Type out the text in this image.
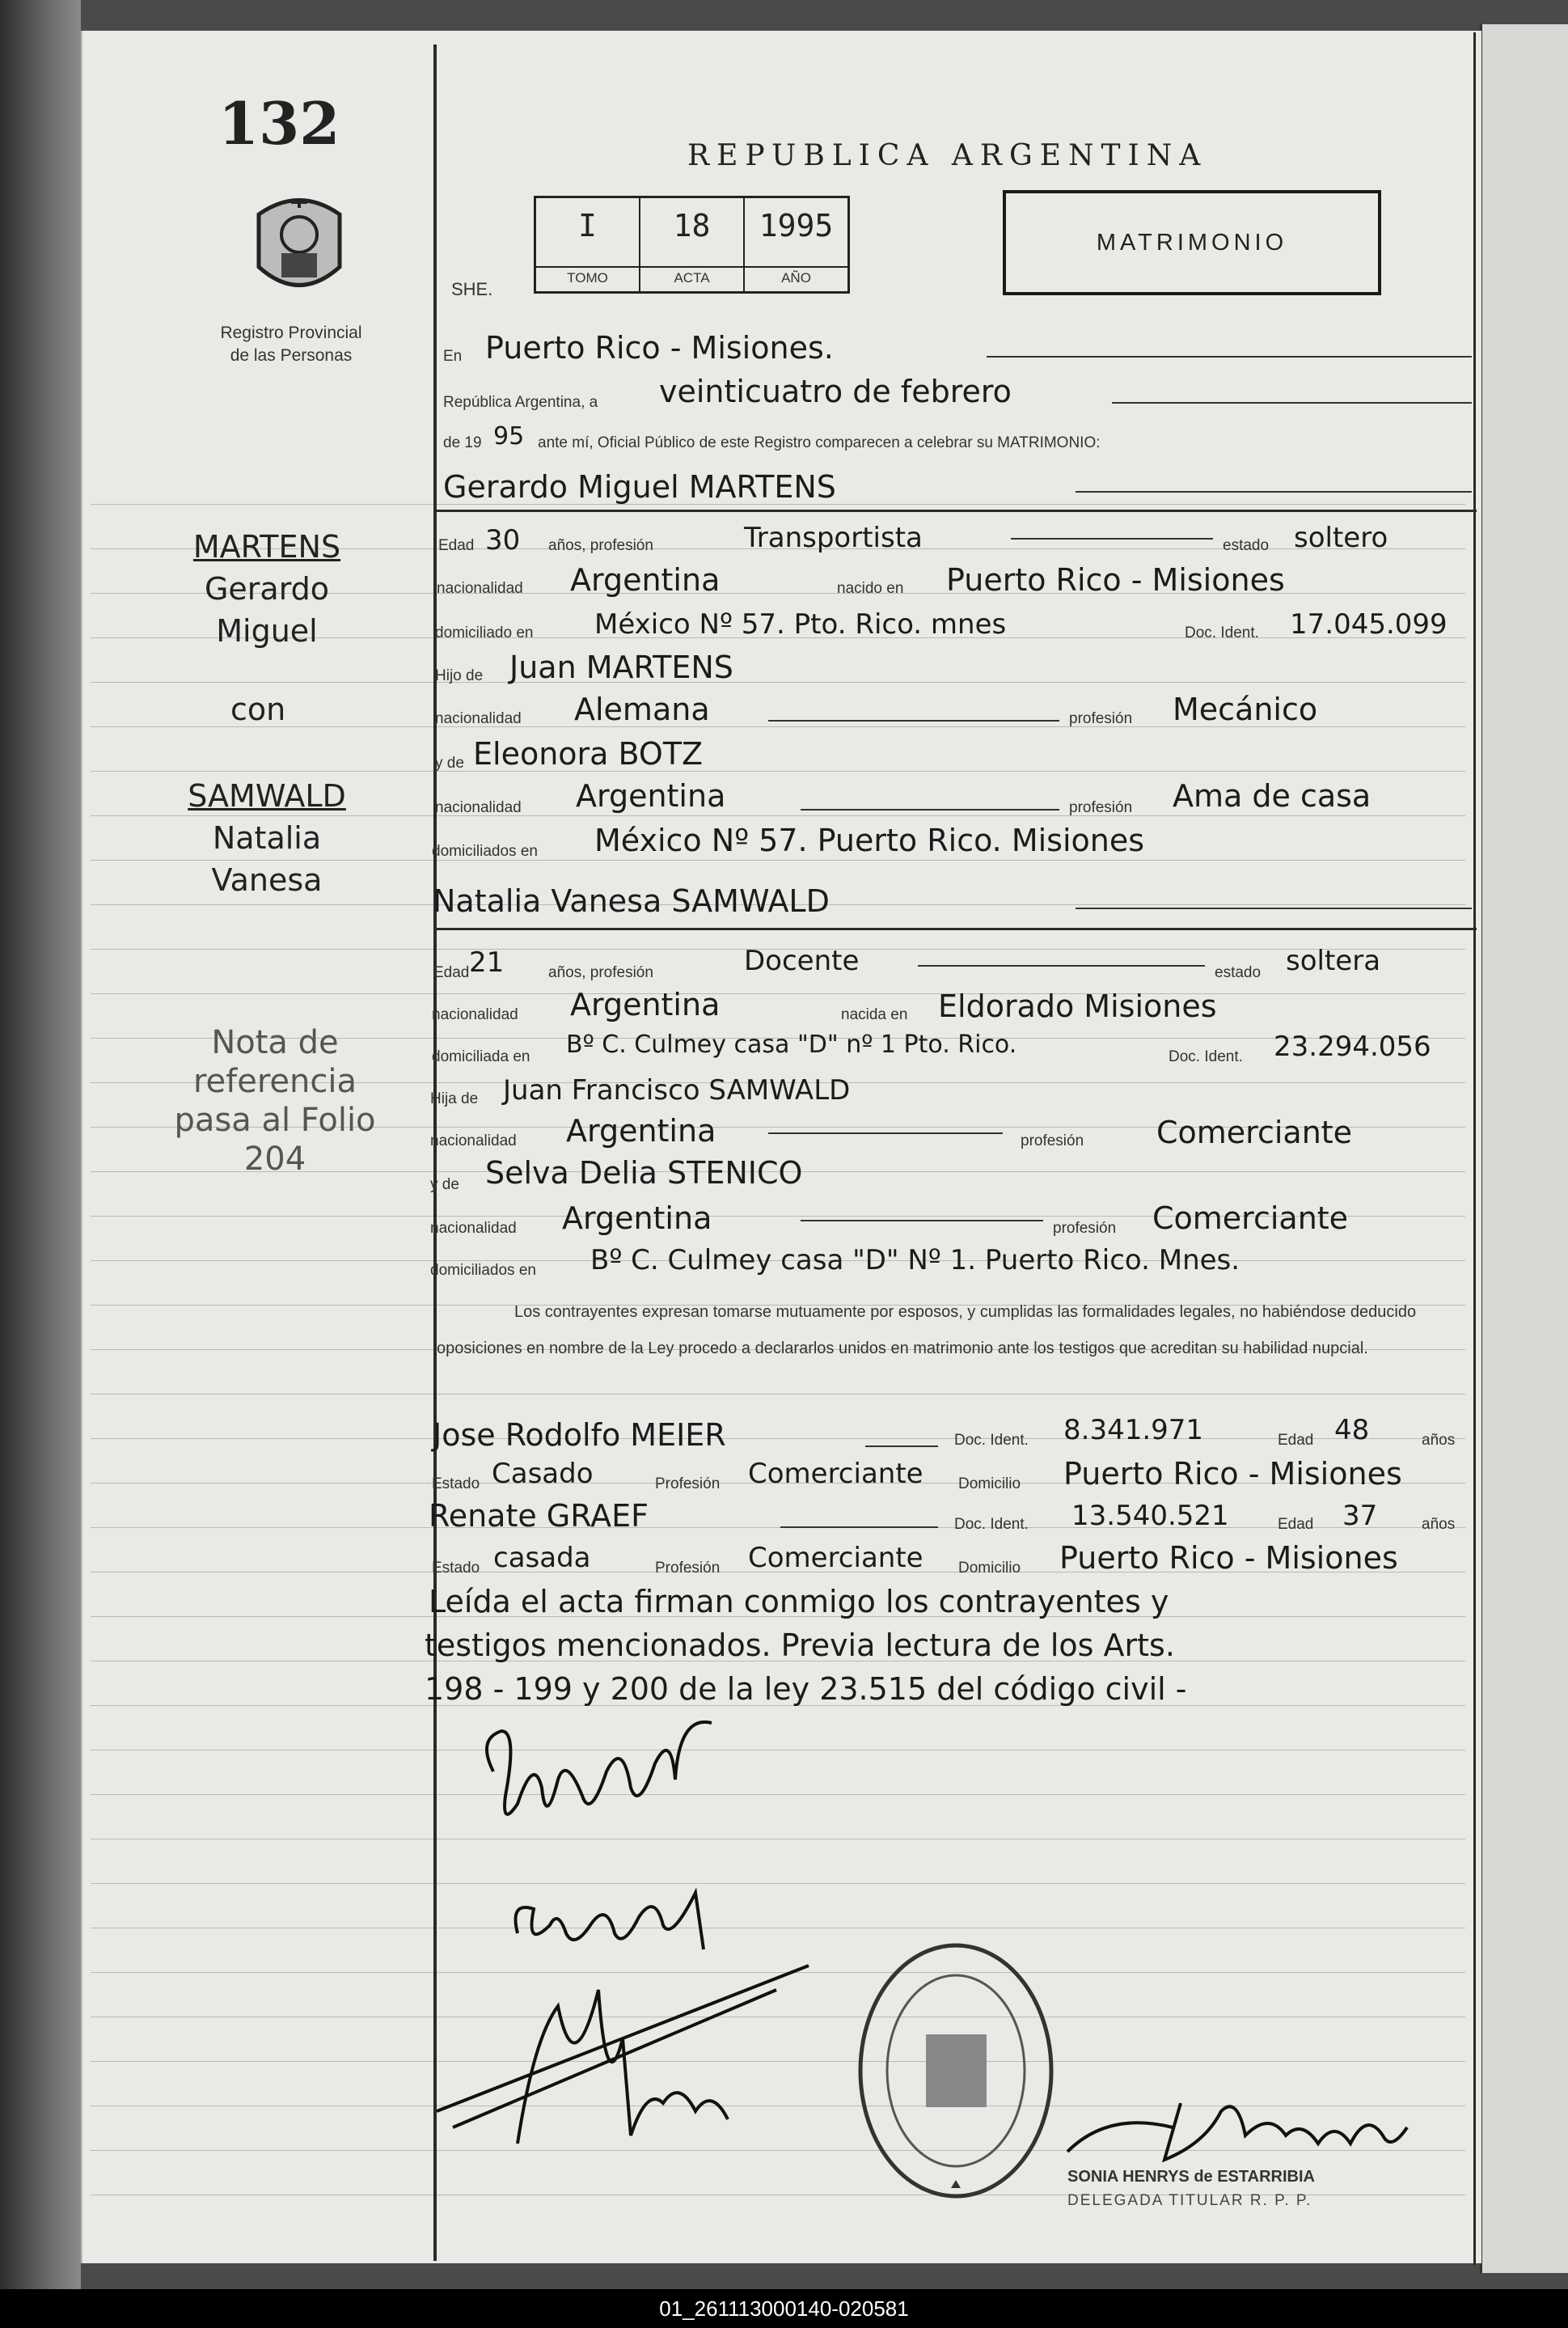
132
Registro Provincial
de las Personas
REPUBLICA ARGENTINA
SHE.
I
TOMO
18
ACTA
1995
AÑO
MATRIMONIO
En Puerto Rico - Misiones.
República Argentina, a veinticuatro de febrero
de 19 95 ante mí, Oficial Público de este Registro comparecen a celebrar su MATRIMONIO:
Gerardo Miguel MARTENS
Edad 30 años, profesión	Transportista	estado soltero
nacionalidad Argentina	nacido en Puerto Rico - Misiones
domiciliado en México Nº 57. Pto. Rico. mnes	Doc. Ident. 17.045.099
Hijo de Juan MARTENS
nacionalidad Alemana	profesión Mecánico
y de Eleonora BOTZ
nacionalidad Argentina	profesión Ama de casa
domiciliados en México Nº 57. Puerto Rico. Misiones
Natalia Vanesa SAMWALD
Edad 21	años, profesión	Docente	estado soltera
nacionalidad Argentina	nacida en Eldorado Misiones
domiciliada en Bº C. Culmey casa "D" nº 1 Pto. Rico.	Doc. Ident. 23.294.056
Hija de Juan Francisco SAMWALD
nacionalidad Argentina	profesión Comerciante
y de Selva Delia STENICO
nacionalidad Argentina	profesión Comerciante
domiciliados en Bº C. Culmey casa "D" Nº 1. Puerto Rico. Mnes.
Los contrayentes expresan tomarse mutuamente por esposos, y cumplidas las formalidades legales, no habiéndose deducido oposiciones en nombre de la Ley procedo a declararlos unidos en matrimonio ante los testigos que acreditan su habilidad nupcial.
Jose Rodolfo MEIER	Doc. Ident. 8.341.971	Edad 48	años
Estado Casado	Profesión Comerciante Domicilio Puerto Rico - Misiones
Renate GRAEF	Doc. Ident. 13.540.521	Edad 37	años
Estado casada	Profesión Comerciante Domicilio Puerto Rico - Misiones
Leída el acta firman conmigo los contrayentes y
testigos mencionados. Previa lectura de los Arts.
198 - 199 y 200 de la ley 23.515 del código civil -
MARTENS
Gerardo
Miguel
con
SAMWALD
Natalia
Vanesa
Nota de
referencia
pasa al Folio
204
SONIA HENRYS de ESTARRIBIA
DELEGADA TITULAR R. P. P.
01_261113000140-020581
